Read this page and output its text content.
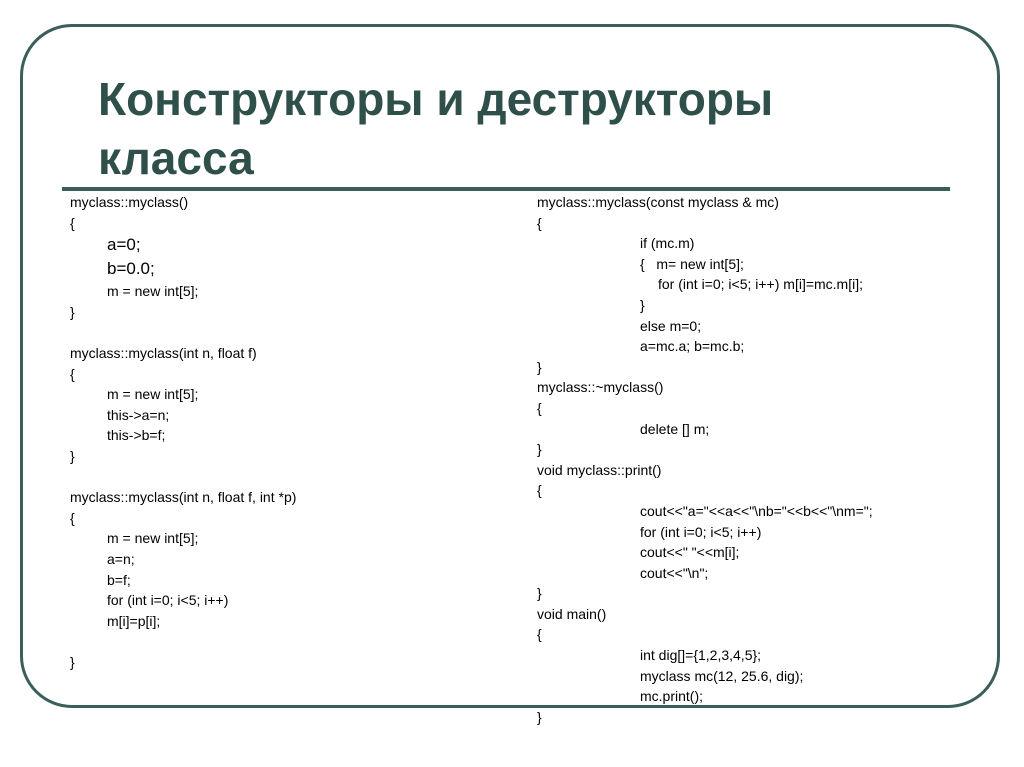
Конструкторы и деструкторы
класса
myclass::myclass()
{
a=0;
b=0.0;
m = new int[5];
}
myclass::myclass(int n, float f)
{
m = new int[5];
this->a=n;
this->b=f;
}
myclass::myclass(int n, float f, int *p)
{
m = new int[5];
a=n;
b=f;
for (int i=0; i<5; i++)
m[i]=p[i];
}
myclass::myclass(const myclass & mc)
{
if (mc.m)
{   m= new int[5];
for (int i=0; i<5; i++) m[i]=mc.m[i];
}
else m=0;
a=mc.a; b=mc.b;
}
myclass::~myclass()
{
delete [] m;
}
void myclass::print()
{
cout<<"a="<<a<<"\nb="<<b<<"\nm=";
for (int i=0; i<5; i++)
cout<<" "<<m[i];
cout<<"\n";
}
void main()
{
int dig[]={1,2,3,4,5};
myclass mc(12, 25.6, dig);
mc.print();
}
